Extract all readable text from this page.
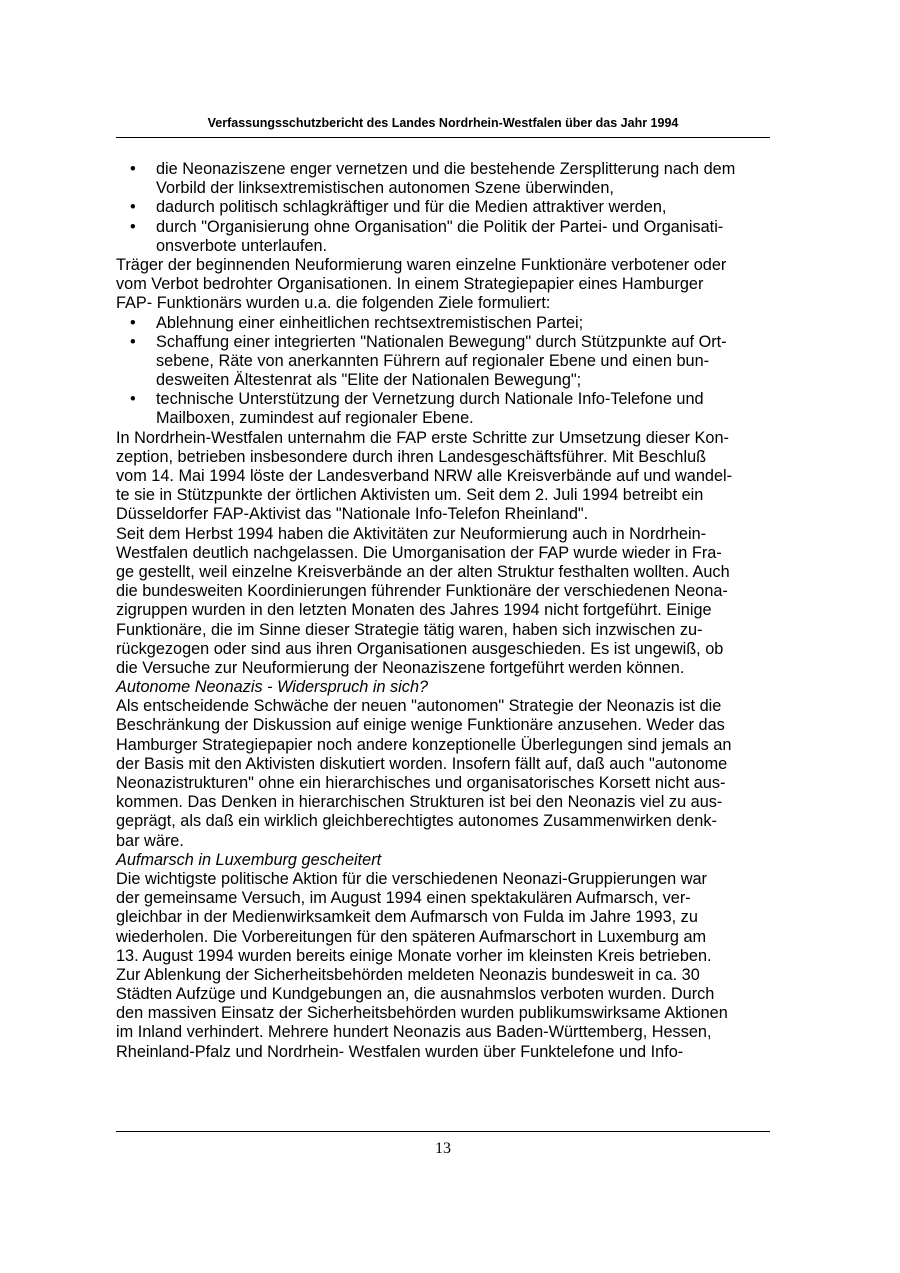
Verfassungsschutzbericht des Landes Nordrhein-Westfalen über das Jahr 1994
• die Neonaziszene enger vernetzen und die bestehende Zersplitterung nach dem
Vorbild der linksextremistischen autonomen Szene überwinden,
• dadurch politisch schlagkräftiger und für die Medien attraktiver werden,
• durch "Organisierung ohne Organisation" die Politik der Partei- und Organisati-
onsverbote unterlaufen.
Träger der beginnenden Neuformierung waren einzelne Funktionäre verbotener oder
vom Verbot bedrohter Organisationen. In einem Strategiepapier eines Hamburger
FAP- Funktionärs wurden u.a. die folgenden Ziele formuliert:
• Ablehnung einer einheitlichen rechtsextremistischen Partei;
• Schaffung einer integrierten "Nationalen Bewegung" durch Stützpunkte auf Ort-
sebene, Räte von anerkannten Führern auf regionaler Ebene und einen bun-
desweiten Ältestenrat als "Elite der Nationalen Bewegung";
• technische Unterstützung der Vernetzung durch Nationale Info-Telefone und
Mailboxen, zumindest auf regionaler Ebene.
In Nordrhein-Westfalen unternahm die FAP erste Schritte zur Umsetzung dieser Kon-
zeption, betrieben insbesondere durch ihren Landesgeschäftsführer. Mit Beschluß
vom 14. Mai 1994 löste der Landesverband NRW alle Kreisverbände auf und wandel-
te sie in Stützpunkte der örtlichen Aktivisten um. Seit dem 2. Juli 1994 betreibt ein
Düsseldorfer FAP-Aktivist das "Nationale Info-Telefon Rheinland".
Seit dem Herbst 1994 haben die Aktivitäten zur Neuformierung auch in Nordrhein-
Westfalen deutlich nachgelassen. Die Umorganisation der FAP wurde wieder in Fra-
ge gestellt, weil einzelne Kreisverbände an der alten Struktur festhalten wollten. Auch
die bundesweiten Koordinierungen führender Funktionäre der verschiedenen Neona-
zigruppen wurden in den letzten Monaten des Jahres 1994 nicht fortgeführt. Einige
Funktionäre, die im Sinne dieser Strategie tätig waren, haben sich inzwischen zu-
rückgezogen oder sind aus ihren Organisationen ausgeschieden. Es ist ungewiß, ob
die Versuche zur Neuformierung der Neonaziszene fortgeführt werden können.
Autonome Neonazis - Widerspruch in sich?
Als entscheidende Schwäche der neuen "autonomen" Strategie der Neonazis ist die
Beschränkung der Diskussion auf einige wenige Funktionäre anzusehen. Weder das
Hamburger Strategiepapier noch andere konzeptionelle Überlegungen sind jemals an
der Basis mit den Aktivisten diskutiert worden. Insofern fällt auf, daß auch "autonome
Neonazistrukturen" ohne ein hierarchisches und organisatorisches Korsett nicht aus-
kommen. Das Denken in hierarchischen Strukturen ist bei den Neonazis viel zu aus-
geprägt, als daß ein wirklich gleichberechtigtes autonomes Zusammenwirken denk-
bar wäre.
Aufmarsch in Luxemburg gescheitert
Die wichtigste politische Aktion für die verschiedenen Neonazi-Gruppierungen war
der gemeinsame Versuch, im August 1994 einen spektakulären Aufmarsch, ver-
gleichbar in der Medienwirksamkeit dem Aufmarsch von Fulda im Jahre 1993, zu
wiederholen. Die Vorbereitungen für den späteren Aufmarschort in Luxemburg am
13. August 1994 wurden bereits einige Monate vorher im kleinsten Kreis betrieben.
Zur Ablenkung der Sicherheitsbehörden meldeten Neonazis bundesweit in ca. 30
Städten Aufzüge und Kundgebungen an, die ausnahmslos verboten wurden. Durch
den massiven Einsatz der Sicherheitsbehörden wurden publikumswirksame Aktionen
im Inland verhindert. Mehrere hundert Neonazis aus Baden-Württemberg, Hessen,
Rheinland-Pfalz und Nordrhein- Westfalen wurden über Funktelefone und Info-
13
